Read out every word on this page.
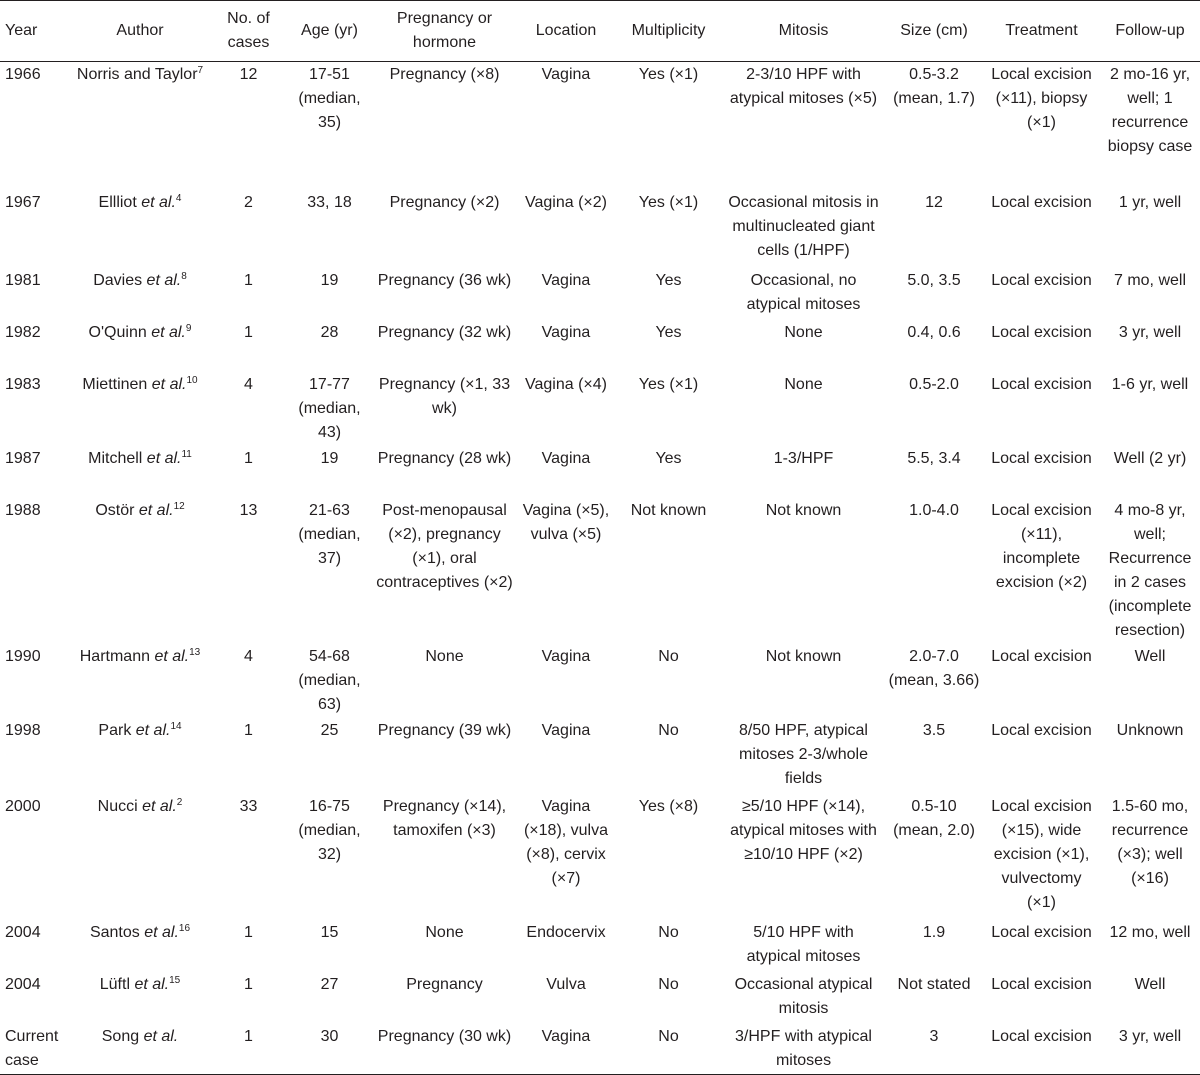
Year	Author	No. of cases	Age (yr)	Pregnancy or hormone	Location	Multiplicity	Mitosis	Size (cm)	Treatment	Follow-up
1966	Norris and Taylor$^7$	12	17-51 (median, 35)	Pregnancy (×8)	Vagina	Yes (×1)	2-3/10 HPF with atypical mitoses (×5)	0.5-3.2 (mean, 1.7)	Local excision (×11), biopsy (×1)	2 mo-16 yr, well; 1 recurrence biopsy case
1967	Ellliot et al.$^4$	2	33, 18	Pregnancy (×2)	Vagina (×2)	Yes (×1)	Occasional mitosis in multinucleated giant cells (1/HPF)	12	Local excision	1 yr, well
1981	Davies et al.$^8$	1	19	Pregnancy (36 wk)	Vagina	Yes	Occasional, no atypical mitoses	5.0, 3.5	Local excision	7 mo, well
1982	O'Quinn et al.$^9$	1	28	Pregnancy (32 wk)	Vagina	Yes	None	0.4, 0.6	Local excision	3 yr, well
1983	Miettinen et al.$^{10}$	4	17-77 (median, 43)	Pregnancy (×1, 33 wk)	Vagina (×4)	Yes (×1)	None	0.5-2.0	Local excision	1-6 yr, well
1987	Mitchell et al.$^{11}$	1	19	Pregnancy (28 wk)	Vagina	Yes	1-3/HPF	5.5, 3.4	Local excision	Well (2 yr)
1988	Ostör et al.$^{12}$	13	21-63 (median, 37)	Post-menopausal (×2), pregnancy (×1), oral contraceptives (×2)	Vagina (×5), vulva (×5)	Not known	Not known	1.0-4.0	Local excision (×11), incomplete excision (×2)	4 mo-8 yr, well; Recurrence in 2 cases (incomplete resection)
1990	Hartmann et al.$^{13}$	4	54-68 (median, 63)	None	Vagina	No	Not known	2.0-7.0 (mean, 3.66)	Local excision	Well
1998	Park et al.$^{14}$	1	25	Pregnancy (39 wk)	Vagina	No	8/50 HPF, atypical mitoses 2-3/whole fields	3.5	Local excision	Unknown
2000	Nucci et al.$^2$	33	16-75 (median, 32)	Pregnancy (×14), tamoxifen (×3)	Vagina (×18), vulva (×8), cervix (×7)	Yes (×8)	≥5/10 HPF (×14), atypical mitoses with ≥10/10 HPF (×2)	0.5-10 (mean, 2.0)	Local excision (×15), wide excision (×1), vulvectomy (×1)	1.5-60 mo, recurrence (×3); well (×16)
2004	Santos et al.$^{16}$	1	15	None	Endocervix	No	5/10 HPF with atypical mitoses	1.9	Local excision	12 mo, well
2004	Lüftl et al.$^{15}$	1	27	Pregnancy	Vulva	No	Occasional atypical mitosis	Not stated	Local excision	Well
Current case	Song et al.	1	30	Pregnancy (30 wk)	Vagina	No	3/HPF with atypical mitoses	3	Local excision	3 yr, well
